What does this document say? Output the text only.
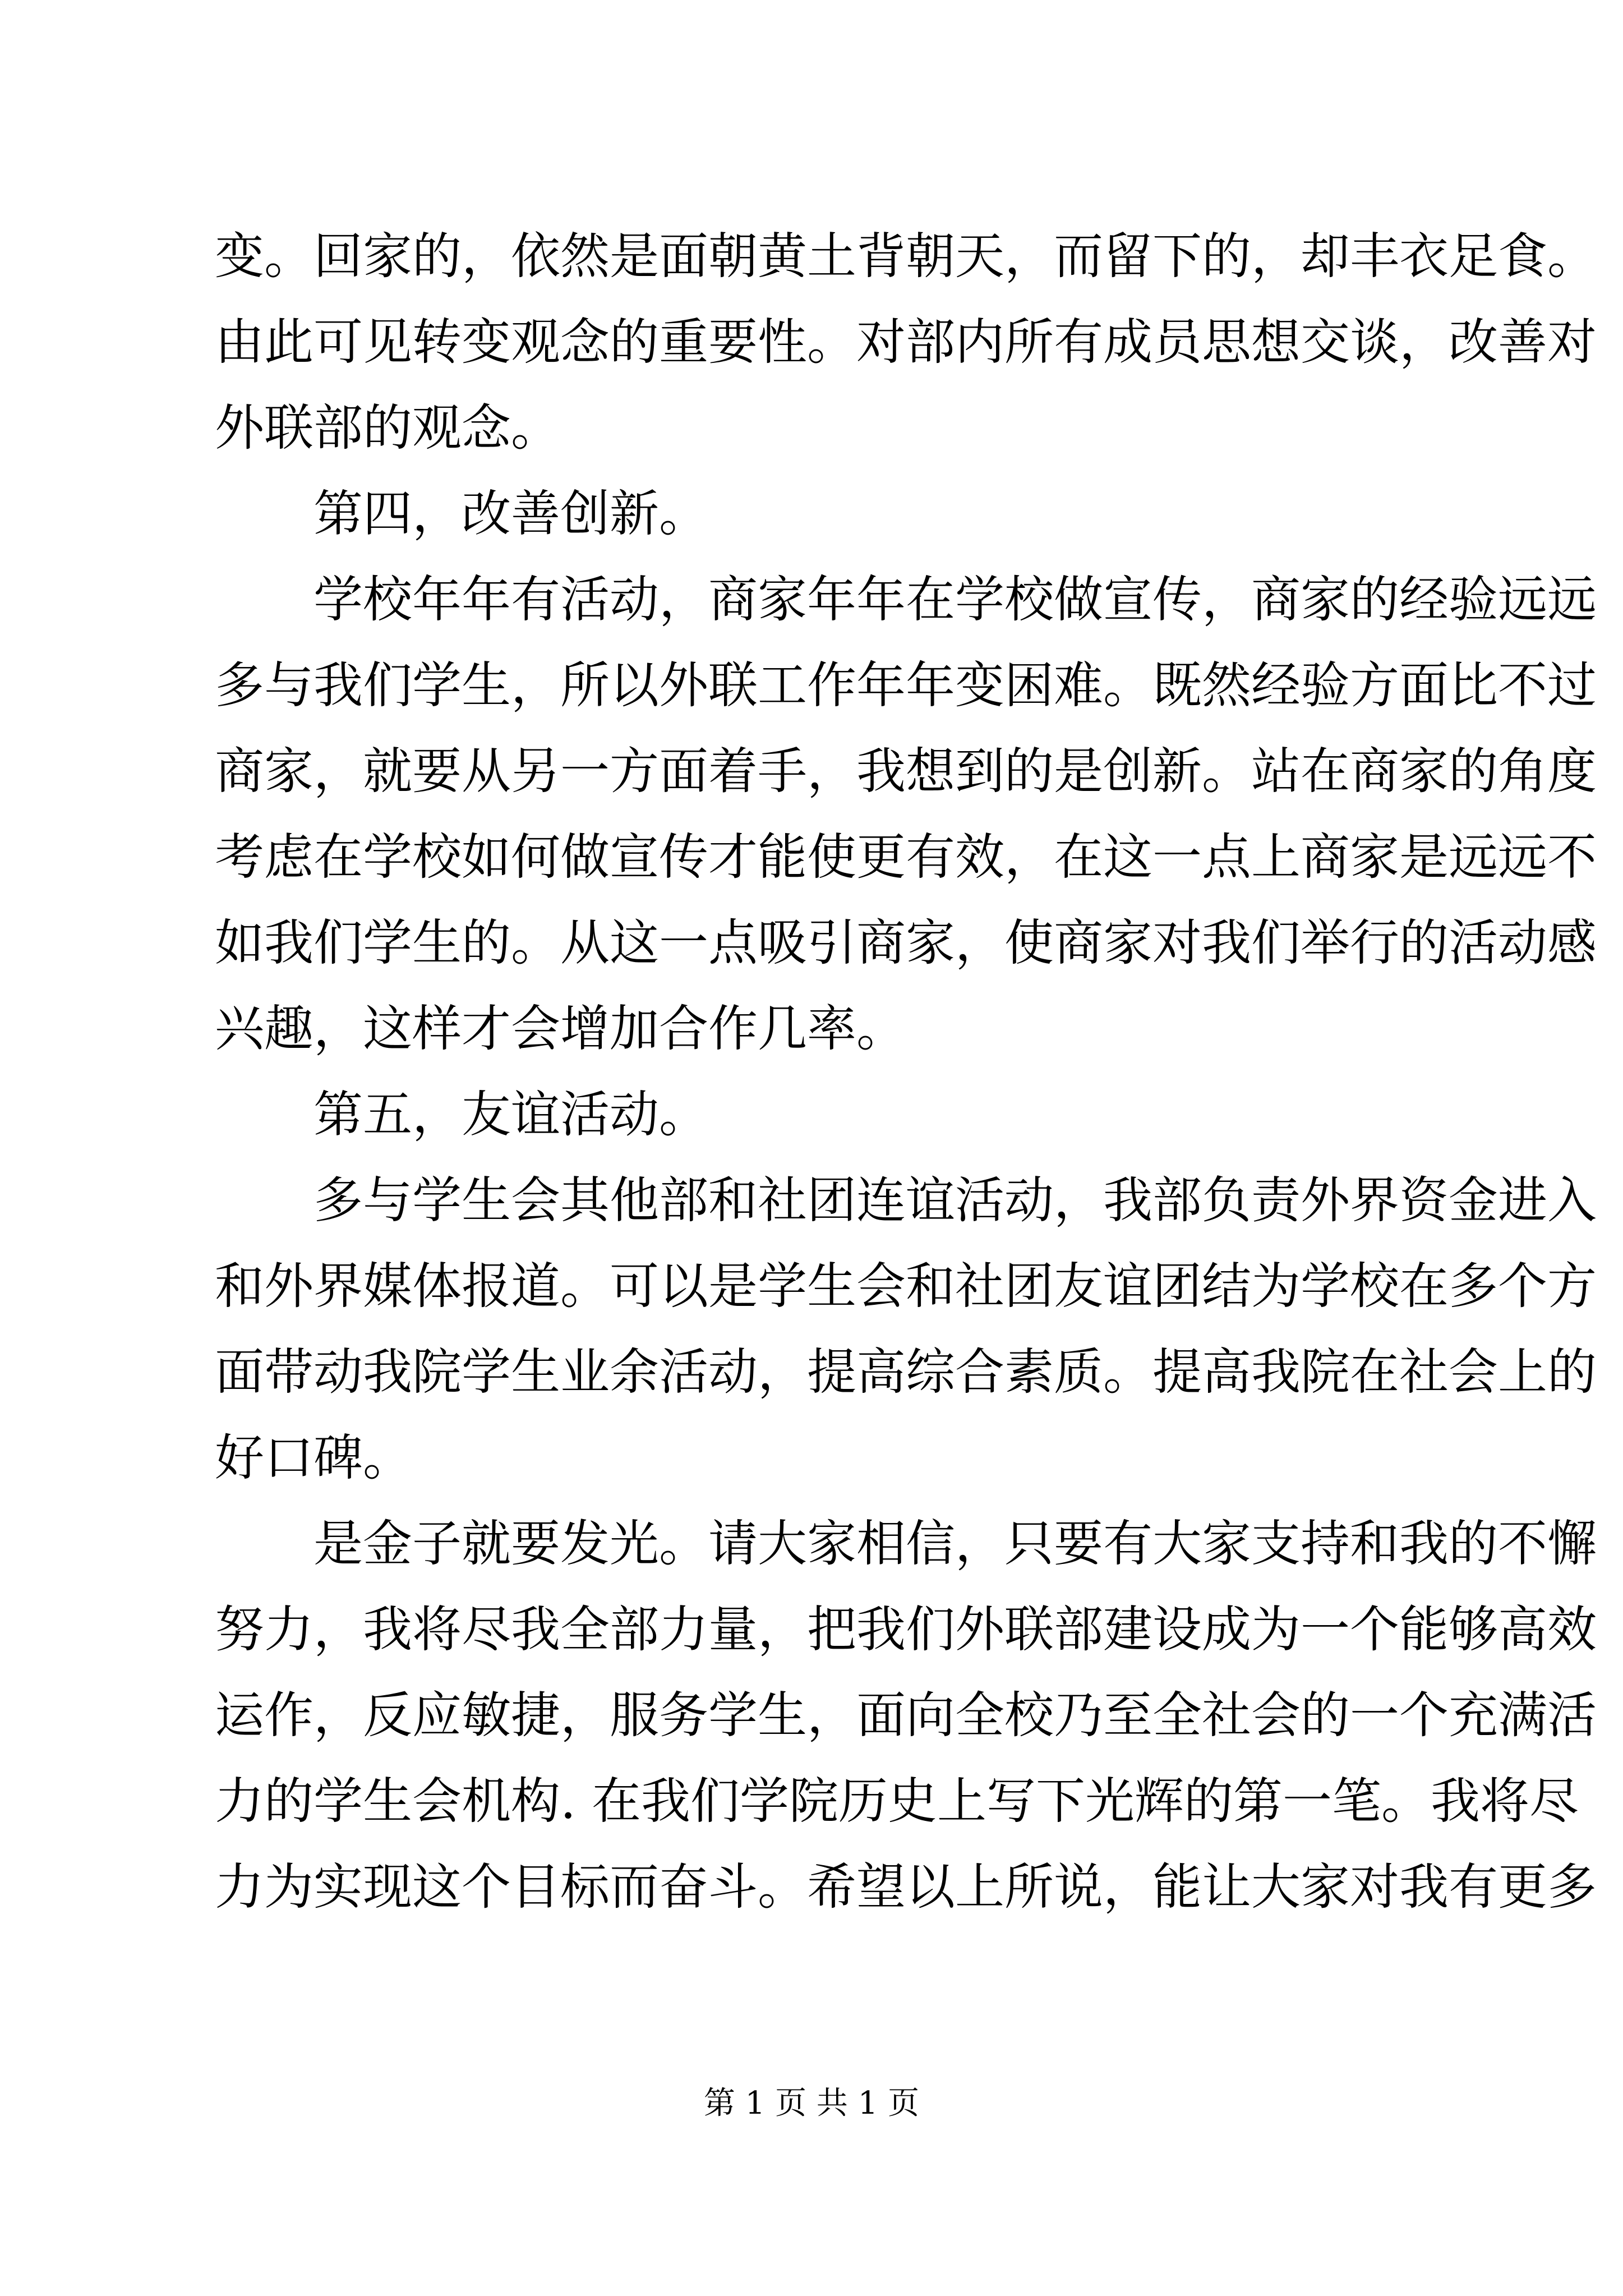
变。回家的，依然是面朝黄土背朝天，而留下的，却丰衣足食。
由此可见转变观念的重要性。对部内所有成员思想交谈，改善对
外联部的观念。
第四，改善创新。
学校年年有活动，商家年年在学校做宣传，商家的经验远远
多与我们学生，所以外联工作年年变困难。既然经验方面比不过
商家，就要从另一方面着手，我想到的是创新。站在商家的角度
考虑在学校如何做宣传才能使更有效，在这一点上商家是远远不
如我们学生的。从这一点吸引商家，使商家对我们举行的活动感
兴趣，这样才会增加合作几率。
第五，友谊活动。
多与学生会其他部和社团连谊活动，我部负责外界资金进入
和外界媒体报道。可以是学生会和社团友谊团结为学校在多个方
面带动我院学生业余活动，提高综合素质。提高我院在社会上的
好口碑。
是金子就要发光。请大家相信，只要有大家支持和我的不懈
努力，我将尽我全部力量，把我们外联部建设成为一个能够高效
运作，反应敏捷，服务学生，面向全校乃至全社会的一个充满活
力的学生会机构. 在我们学院历史上写下光辉的第一笔。我将尽
力为实现这个目标而奋斗。希望以上所说，能让大家对我有更多
第 1 页 共 1 页
